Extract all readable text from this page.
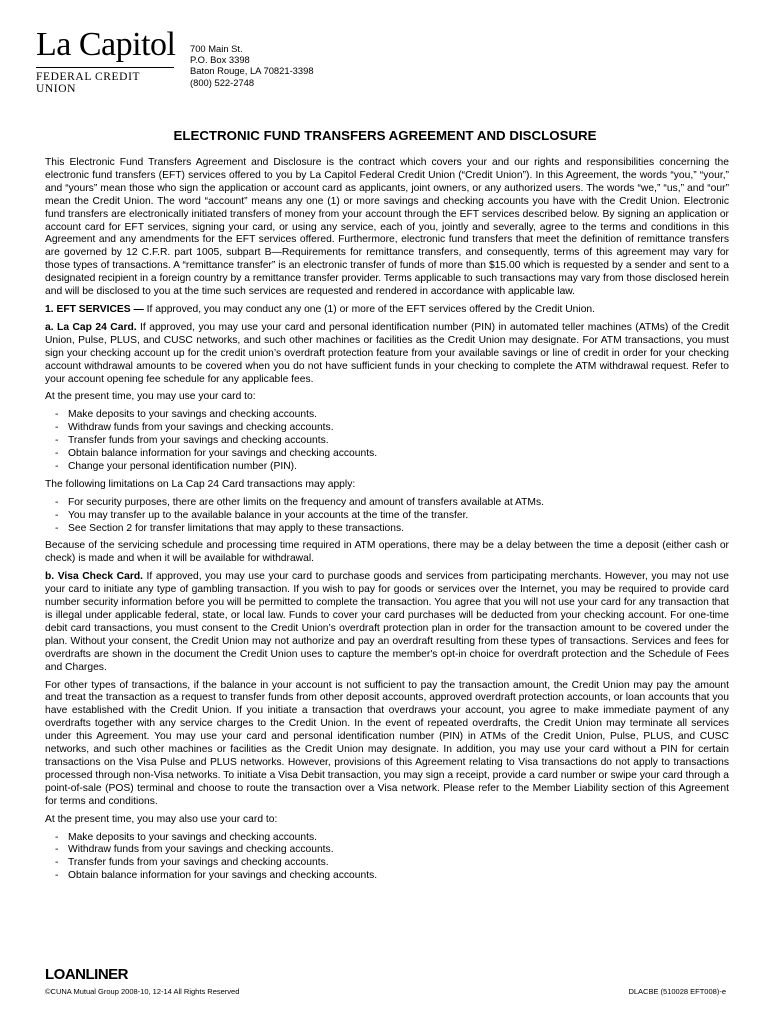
La Capitol
FEDERAL CREDIT UNION
700 Main St.
P.O. Box 3398
Baton Rouge, LA 70821-3398
(800) 522-2748
ELECTRONIC FUND TRANSFERS AGREEMENT AND DISCLOSURE

This Electronic Fund Transfers Agreement and Disclosure is the contract which covers your and our rights and responsibilities concerning the electronic fund transfers (EFT) services offered to you by La Capitol Federal Credit Union (“Credit Union”). In this Agreement, the words “you,” “your,” and “yours” mean those who sign the application or account card as applicants, joint owners, or any authorized users. The words “we,” “us,” and “our” mean the Credit Union. The word “account” means any one (1) or more savings and checking accounts you have with the Credit Union. Electronic fund transfers are electronically initiated transfers of money from your account through the EFT services described below. By signing an application or account card for EFT services, signing your card, or using any service, each of you, jointly and severally, agree to the terms and conditions in this Agreement and any amendments for the EFT services offered. Furthermore, electronic fund transfers that meet the definition of remittance transfers are governed by 12 C.F.R. part 1005, subpart B—Requirements for remittance transfers, and consequently, terms of this agreement may vary for those types of transactions. A “remittance transfer” is an electronic transfer of funds of more than $15.00 which is requested by a sender and sent to a designated recipient in a foreign country by a remittance transfer provider. Terms applicable to such transactions may vary from those disclosed herein and will be disclosed to you at the time such services are requested and rendered in accordance with applicable law.

1. EFT SERVICES — If approved, you may conduct any one (1) or more of the EFT services offered by the Credit Union.

a. La Cap 24 Card. If approved, you may use your card and personal identification number (PIN) in automated teller machines (ATMs) of the Credit Union, Pulse, PLUS, and CUSC networks, and such other machines or facilities as the Credit Union may designate. For ATM transactions, you must sign your checking account up for the credit union’s overdraft protection feature from your available savings or line of credit in order for your checking account withdrawal amounts to be covered when you do not have sufficient funds in your checking to complete the ATM withdrawal request. Refer to your account opening fee schedule for any applicable fees.

At the present time, you may use your card to:

- Make deposits to your savings and checking accounts.
- Withdraw funds from your savings and checking accounts.
- Transfer funds from your savings and checking accounts.
- Obtain balance information for your savings and checking accounts.
- Change your personal identification number (PIN).

The following limitations on La Cap 24 Card transactions may apply:

- For security purposes, there are other limits on the frequency and amount of transfers available at ATMs.
- You may transfer up to the available balance in your accounts at the time of the transfer.
- See Section 2 for transfer limitations that may apply to these transactions.

Because of the servicing schedule and processing time required in ATM operations, there may be a delay between the time a deposit (either cash or check) is made and when it will be available for withdrawal.

b. Visa Check Card. If approved, you may use your card to purchase goods and services from participating merchants. However, you may not use your card to initiate any type of gambling transaction. If you wish to pay for goods or services over the Internet, you may be required to provide card number security information before you will be permitted to complete the transaction. You agree that you will not use your card for any transaction that is illegal under applicable federal, state, or local law. Funds to cover your card purchases will be deducted from your checking account. For one-time debit card transactions, you must consent to the Credit Union’s overdraft protection plan in order for the transaction amount to be covered under the plan. Without your consent, the Credit Union may not authorize and pay an overdraft resulting from these types of transactions. Services and fees for overdrafts are shown in the document the Credit Union uses to capture the member's opt-in choice for overdraft protection and the Schedule of Fees and Charges.

For other types of transactions, if the balance in your account is not sufficient to pay the transaction amount, the Credit Union may pay the amount and treat the transaction as a request to transfer funds from other deposit accounts, approved overdraft protection accounts, or loan accounts that you have established with the Credit Union. If you initiate a transaction that overdraws your account, you agree to make immediate payment of any overdrafts together with any service charges to the Credit Union. In the event of repeated overdrafts, the Credit Union may terminate all services under this Agreement. You may use your card and personal identification number (PIN) in ATMs of the Credit Union, Pulse, PLUS, and CUSC networks, and such other machines or facilities as the Credit Union may designate. In addition, you may use your card without a PIN for certain transactions on the Visa Pulse and PLUS networks. However, provisions of this Agreement relating to Visa transactions do not apply to transactions processed through non-Visa networks. To initiate a Visa Debit transaction, you may sign a receipt, provide a card number or swipe your card through a point-of-sale (POS) terminal and choose to route the transaction over a Visa network. Please refer to the Member Liability section of this Agreement for terms and conditions.

At the present time, you may also use your card to:

- Make deposits to your savings and checking accounts.
- Withdraw funds from your savings and checking accounts.
- Transfer funds from your savings and checking accounts.
- Obtain balance information for your savings and checking accounts.
LOANLINER
©CUNA Mutual Group 2008-10, 12-14 All Rights Reserved	DLACBE (510028 EFT008)-e
